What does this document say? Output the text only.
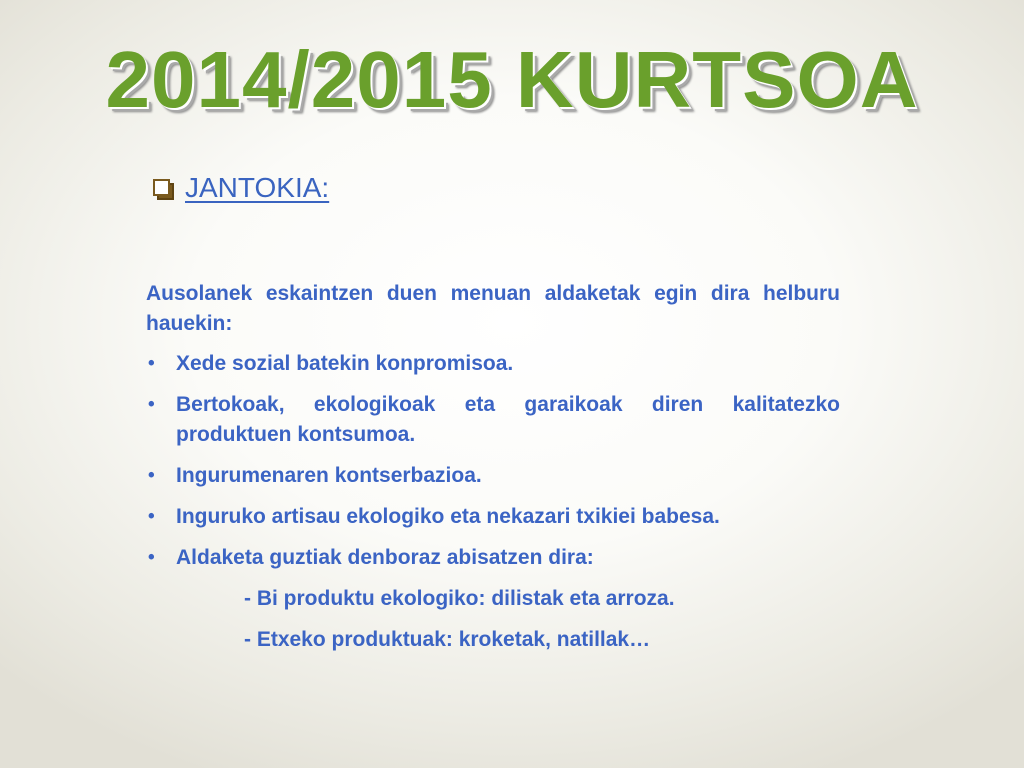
2014/2015 KURTSOA
JANTOKIA:

Ausolanek eskaintzen duen menuan aldaketak egin dira helburu hauekin:

• Xede sozial batekin konpromisoa.
• Bertokoak, ekologikoak eta garaikoak diren kalitatezko produktuen kontsumoa.
• Ingurumenaren kontserbazioa.
• Inguruko artisau ekologiko eta nekazari txikiei babesa.
• Aldaketa guztiak denboraz abisatzen dira:
- Bi produktu ekologiko: dilistak eta arroza.
- Etxeko produktuak: kroketak, natillak…
